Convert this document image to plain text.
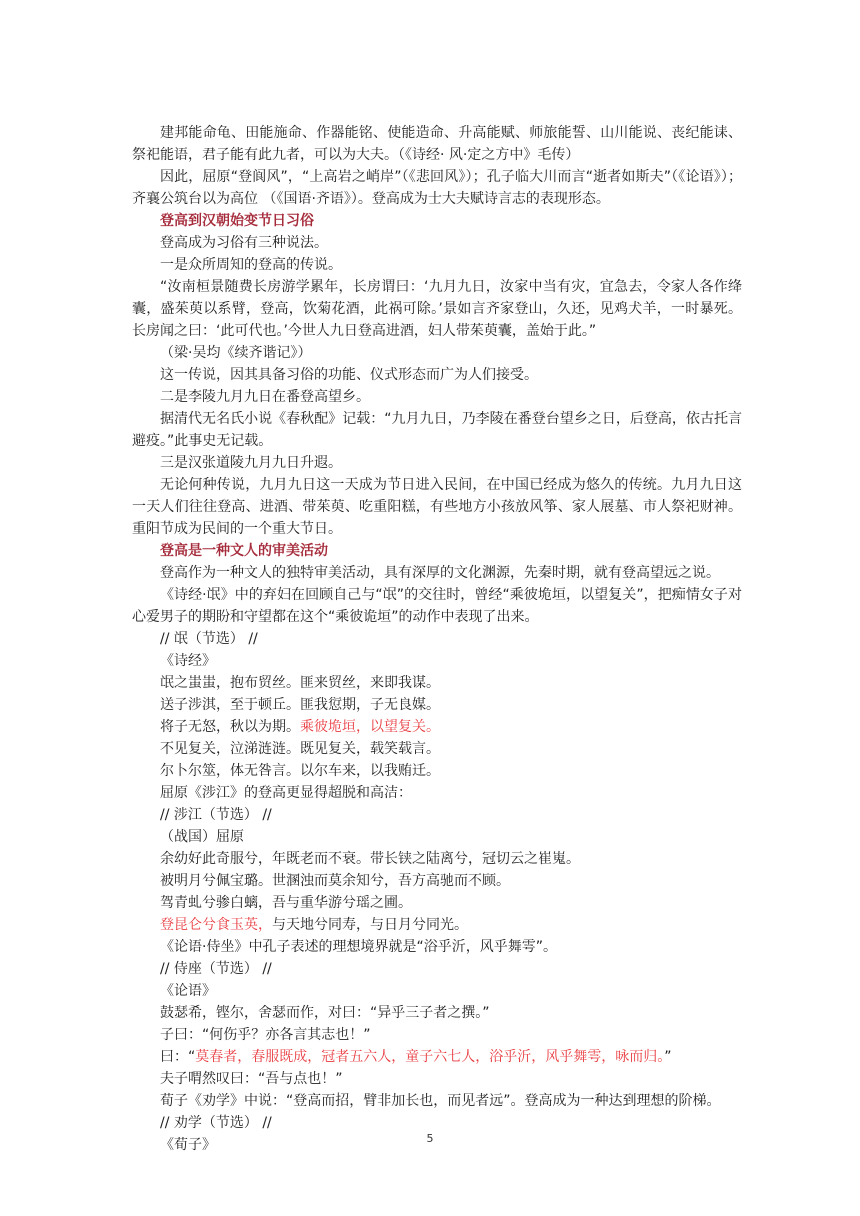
建邦能命龟、田能施命、作器能铭、使能造命、升高能赋、师旅能誓、山川能说、丧纪能诔、祭祀能语，君子能有此九者，可以为大夫。（《诗经· 风·定之方中》毛传）

因此，屈原“登阆风”，“上高岩之峭岸”（《悲回风》）；孔子临大川而言“逝者如斯夫”（《论语》）；齐襄公筑台以为高位 （《国语·齐语》）。登高成为士大夫赋诗言志的表现形态。

登高到汉朝始变节日习俗

登高成为习俗有三种说法。

一是众所周知的登高的传说。

“汝南桓景随费长房游学累年，长房谓曰：‘九月九日，汝家中当有灾，宜急去，令家人各作绛囊，盛茱萸以系臂，登高，饮菊花酒，此祸可除。’景如言齐家登山，久还，见鸡犬羊，一时暴死。长房闻之曰：‘此可代也。’今世人九日登高进酒，妇人带茱萸囊，盖始于此。”

（梁·吴均《续齐谐记》）

这一传说，因其具备习俗的功能、仪式形态而广为人们接受。

二是李陵九月九日在番登高望乡。

据清代无名氏小说《春秋配》记载：“九月九日，乃李陵在番登台望乡之日，后登高，依古托言避疫。”此事史无记载。

三是汉张道陵九月九日升遐。

无论何种传说，九月九日这一天成为节日进入民间，在中国已经成为悠久的传统。九月九日这一天人们往往登高、进酒、带茱萸、吃重阳糕，有些地方小孩放风筝、家人展墓、市人祭祀财神。重阳节成为民间的一个重大节日。

登高是一种文人的审美活动

登高作为一种文人的独特审美活动，具有深厚的文化渊源，先秦时期，就有登高望远之说。

《诗经·氓》中的弃妇在回顾自己与“氓”的交往时，曾经“乘彼垝垣，以望复关”，把痴情女子对心爱男子的期盼和守望都在这个“乘彼诡垣”的动作中表现了出来。

// 氓（节选） //

《诗经》

氓之蚩蚩，抱布贸丝。匪来贸丝，来即我谋。

送子涉淇，至于顿丘。匪我愆期，子无良媒。

将子无怒，秋以为期。乘彼垝垣，以望复关。

不见复关，泣涕涟涟。既见复关，载笑载言。

尔卜尔筮，体无咎言。以尔车来，以我贿迁。

屈原《涉江》的登高更显得超脱和高洁：

// 涉江（节选） //

（战国）屈原

余幼好此奇服兮，年既老而不衰。带长铗之陆离兮，冠切云之崔嵬。

被明月兮佩宝璐。世溷浊而莫余知兮，吾方高驰而不顾。

驾青虬兮骖白螭，吾与重华游兮瑶之圃。

登昆仑兮食玉英，与天地兮同寿，与日月兮同光。

《论语·侍坐》中孔子表述的理想境界就是“浴乎沂，风乎舞雩”。

// 侍座（节选） //

《论语》

鼓瑟希，铿尔，舍瑟而作，对曰：“异乎三子者之撰。”

子曰：“何伤乎？亦各言其志也！”

曰：“莫春者，春服既成，冠者五六人，童子六七人，浴乎沂，风乎舞雩，咏而归。”

夫子喟然叹曰：“吾与点也！”

荀子《劝学》中说：“登高而招，臂非加长也，而见者远”。登高成为一种达到理想的阶梯。

// 劝学（节选） //

《荀子》	5
